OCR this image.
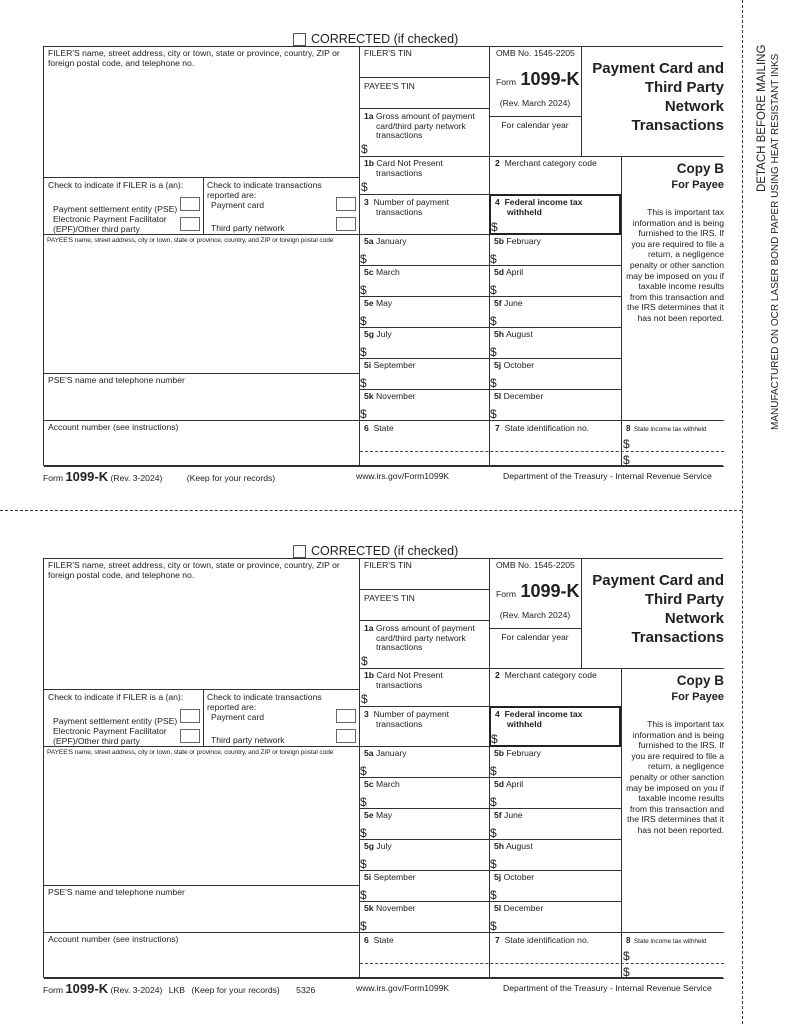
DETACH BEFORE MAILING MANUFACTURED ON OCR LASER BOND PAPER USING HEAT RESISTANT INKS
CORRECTED (if checked)
FILER'S name, street address, city or town, state or province, country, ZIP or foreign postal code, and telephone no.
FILER'S TIN
PAYEE'S TIN
1a Gross amount of payment card/third party network transactions
$
OMB No. 1545-2205
Form 1099-K
(Rev. March 2024)
For calendar year
Payment Card and
Third Party
Network
Transactions
1b Card Not Present transactions
$
2 Merchant category code	Copy B
For Payee
This is important tax information and is being furnished to the IRS. If you are required to file a return, a negligence penalty or other sanction may be imposed on you if taxable income results from this transaction and the IRS determines that it has not been reported.
Check to indicate if FILER is a (an):
Payment settlement entity (PSE)
Electronic Payment Facilitator (EPF)/Other third party
Check to indicate transactions reported are:
Payment card
Third party network
3 Number of payment transactions
4 Federal income tax withheld
$
PAYEE'S name, street address, city or town, state or province, country, and ZIP or foreign postal code
PSE'S name and telephone number
Account number (see instructions)
5a January
$
5b February
$
5c March
$
5d April
$
5e May
$
5f June
$
5g July
$
5h August
$
5i September
$
5j October
$
5k November
$
5l December
$
6 State	7 State identification no.	8 State income tax withheld
$
$
Form 1099-K (Rev. 3-2024)	(Keep for your records)	www.irs.gov/Form1099K	Department of the Treasury - Internal Revenue Service
CORRECTED (if checked)
FILER'S name, street address, city or town, state or province, country, ZIP or foreign postal code, and telephone no.
FILER'S TIN
PAYEE'S TIN
1a Gross amount of payment card/third party network transactions
$
OMB No. 1545-2205
Form 1099-K
(Rev. March 2024)
For calendar year
Payment Card and
Third Party
Network
Transactions
1b Card Not Present transactions
$
2 Merchant category code	Copy B
For Payee
This is important tax information and is being furnished to the IRS. If you are required to file a return, a negligence penalty or other sanction may be imposed on you if taxable income results from this transaction and the IRS determines that it has not been reported.
Check to indicate if FILER is a (an):
Payment settlement entity (PSE)
Electronic Payment Facilitator (EPF)/Other third party
Check to indicate transactions reported are:
Payment card
Third party network
3 Number of payment transactions
4 Federal income tax withheld
$
PAYEE'S name, street address, city or town, state or province, country, and ZIP or foreign postal code
PSE'S name and telephone number
Account number (see instructions)
5a January
$
5b February
$
5c March
$
5d April
$
5e May
$
5f June
$
5g July
$
5h August
$
5i September
$
5j October
$
5k November
$
5l December
$
6 State	7 State identification no.	8 State income tax withheld
$
$
Form 1099-K (Rev. 3-2024) LKB (Keep for your records) 5326	www.irs.gov/Form1099K	Department of the Treasury - Internal Revenue Service
